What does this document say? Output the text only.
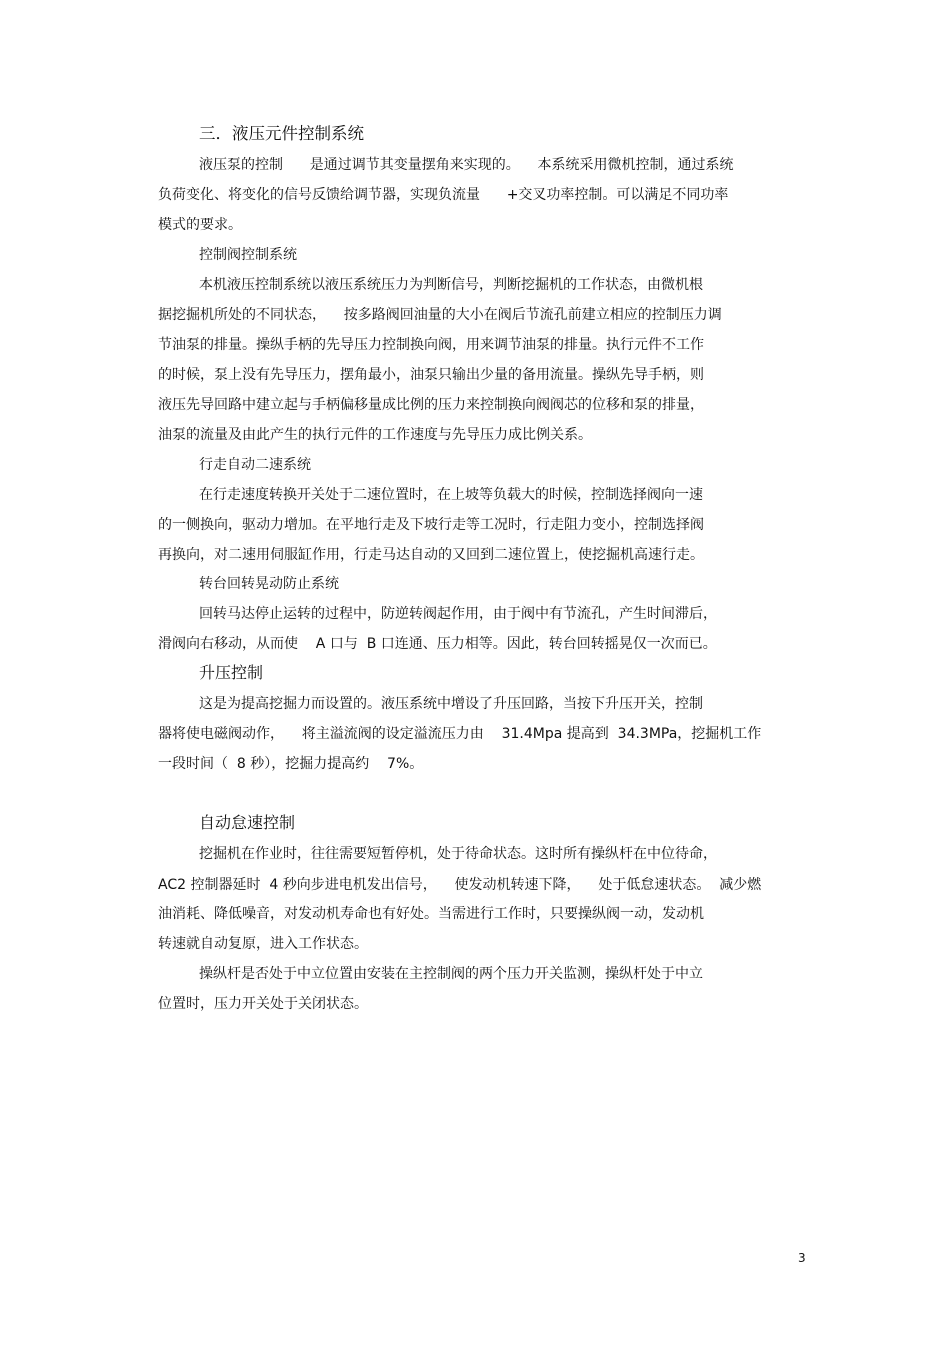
三．液压元件控制系统
液压泵的控制      是通过调节其变量摆角来实现的。    本系统采用微机控制，通过系统
负荷变化、将变化的信号反馈给调节器，实现负流量      +交叉功率控制。可以满足不同功率
模式的要求。
控制阀控制系统
本机液压控制系统以液压系统压力为判断信号，判断挖掘机的工作状态，由微机根
据挖掘机所处的不同状态，    按多路阀回油量的大小在阀后节流孔前建立相应的控制压力调
节油泵的排量。操纵手柄的先导压力控制换向阀，用来调节油泵的排量。执行元件不工作
的时候，泵上没有先导压力，摆角最小，油泵只输出少量的备用流量。操纵先导手柄，则
液压先导回路中建立起与手柄偏移量成比例的压力来控制换向阀阀芯的位移和泵的排量，
油泵的流量及由此产生的执行元件的工作速度与先导压力成比例关系。
行走自动二速系统
在行走速度转换开关处于二速位置时，在上坡等负载大的时候，控制选择阀向一速
的一侧换向，驱动力增加。在平地行走及下坡行走等工况时，行走阻力变小，控制选择阀
再换向，对二速用伺服缸作用，行走马达自动的又回到二速位置上，使挖掘机高速行走。
转台回转晃动防止系统
回转马达停止运转的过程中，防逆转阀起作用，由于阀中有节流孔，产生时间滞后，
滑阀向右移动，从而使    A 口与  B 口连通、压力相等。因此，转台回转摇晃仅一次而已。
升压控制
这是为提高挖掘力而设置的。液压系统中增设了升压回路，当按下升压开关，控制
器将使电磁阀动作，    将主溢流阀的设定溢流压力由    31.4Mpa 提高到  34.3MPa，挖掘机工作
一段时间（  8 秒），挖掘力提高约    7%。
自动怠速控制
挖掘机在作业时，往往需要短暂停机，处于待命状态。这时所有操纵杆在中位待命，
AC2 控制器延时  4 秒向步进电机发出信号，    使发动机转速下降，    处于低怠速状态。  减少燃
油消耗、降低噪音，对发动机寿命也有好处。当需进行工作时，只要操纵阀一动，发动机
转速就自动复原，进入工作状态。
操纵杆是否处于中立位置由安装在主控制阀的两个压力开关监测，操纵杆处于中立
位置时，压力开关处于关闭状态。
3
